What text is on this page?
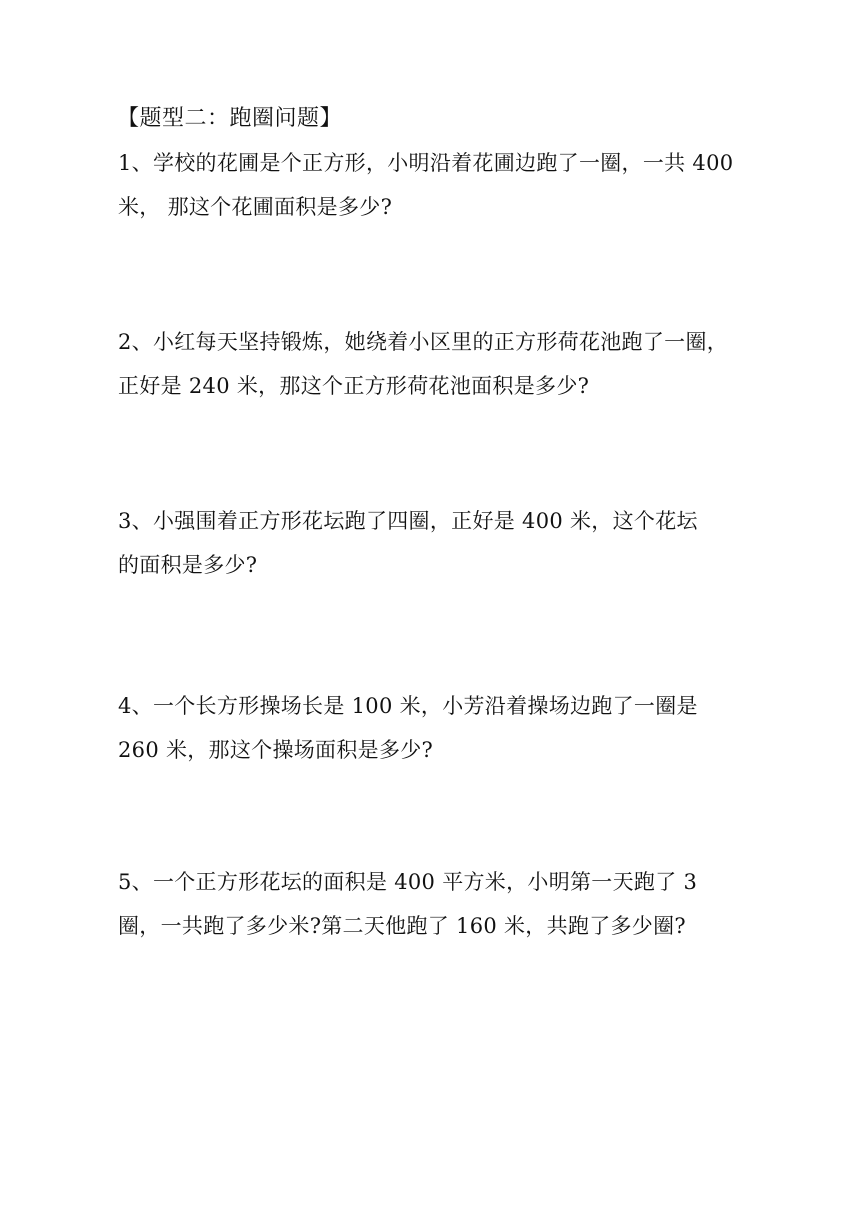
【题型二：跑圈问题】
1、学校的花圃是个正方形，小明沿着花圃边跑了一圈，一共 400
米， 那这个花圃面积是多少?
2、小红每天坚持锻炼，她绕着小区里的正方形荷花池跑了一圈，
正好是 240 米，那这个正方形荷花池面积是多少?
3、小强围着正方形花坛跑了四圈，正好是 400 米，这个花坛
的面积是多少?
4、一个长方形操场长是 100 米，小芳沿着操场边跑了一圈是
260 米，那这个操场面积是多少?
5、一个正方形花坛的面积是 400 平方米，小明第一天跑了 3
圈，一共跑了多少米?第二天他跑了 160 米，共跑了多少圈?
